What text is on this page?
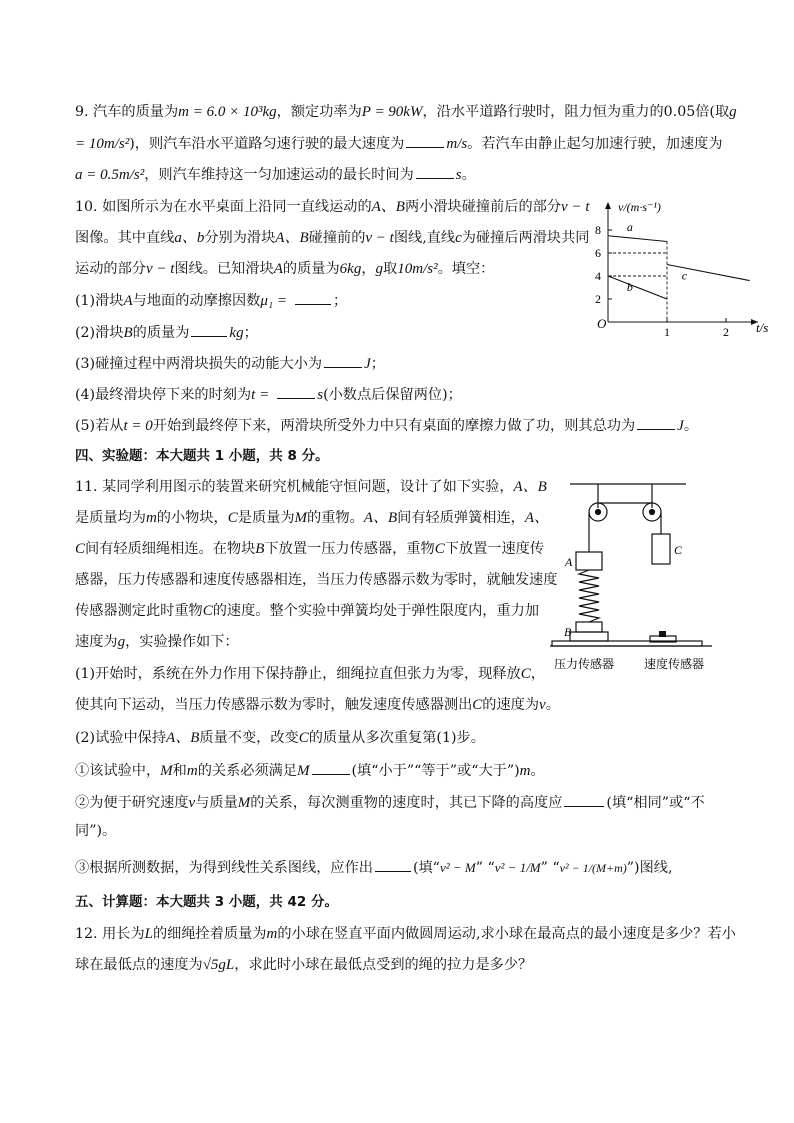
9. 汽车的质量为m = 6.0 × 10³kg，额定功率为P = 90kW，沿水平道路行驶时，阻力恒为重力的0.05倍(取g
= 10m/s²)，则汽车沿水平道路匀速行驶的最大速度为	m/s。若汽车由静止起匀加速行驶，加速度为
a = 0.5m/s²，则汽车维持这一匀加速运动的最长时间为	s。
10. 如图所示为在水平桌面上沿同一直线运动的A、B两小滑块碰撞前后的部分v − t
图像。其中直线a、b分别为滑块A、B碰撞前的v − t图线,直线c为碰撞后两滑块共同
运动的部分v − t图线。已知滑块A的质量为6kg，g取10m/s²。填空：
(1)滑块A与地面的动摩擦因数μ₁ =	；
(2)滑块B的质量为	kg；
(3)碰撞过程中两滑块损失的动能大小为	J；
(4)最终滑块停下来的时刻为t =	s(小数点后保留两位)；
(5)若从t = 0开始到最终停下来，两滑块所受外力中只有桌面的摩擦力做了功，则其总功为	J。
v/(m·s⁻¹)
t/s
O
8
6
4
2
1	2
a
b
c
四、实验题：本大题共 1 小题，共 8 分。
11. 某同学利用图示的装置来研究机械能守恒问题，设计了如下实验，A、B
是质量均为m的小物块，C是质量为M的重物。A、B间有轻质弹簧相连，A、
C间有轻质细绳相连。在物块B下放置一压力传感器，重物C下放置一速度传
感器，压力传感器和速度传感器相连，当压力传感器示数为零时，就触发速度
传感器测定此时重物C的速度。整个实验中弹簧均处于弹性限度内，重力加
速度为g，实验操作如下：
(1)开始时，系统在外力作用下保持静止，细绳拉直但张力为零，现释放C，
使其向下运动，当压力传感器示数为零时，触发速度传感器测出C的速度为v。
(2)试验中保持A、B质量不变，改变C的质量从多次重复第(1)步。
①该试验中，M和m的关系必须满足M	(填“小于”“等于”或“大于”)m。
②为便于研究速度v与质量M的关系，每次测重物的速度时，其已下降的高度应	(填“相同”或“不
同”)。
③根据所测数据，为得到线性关系图线，应作出	(填“v² − M” “v² − 1/M” “v² − 1/(M+m)”)图线,
A
C
B
压力传感器 速度传感器
五、计算题：本大题共 3 小题，共 42 分。
12. 用长为L的细绳拴着质量为m的小球在竖直平面内做圆周运动,求小球在最高点的最小速度是多少？若小
球在最低点的速度为√5gL，求此时小球在最低点受到的绳的拉力是多少？
